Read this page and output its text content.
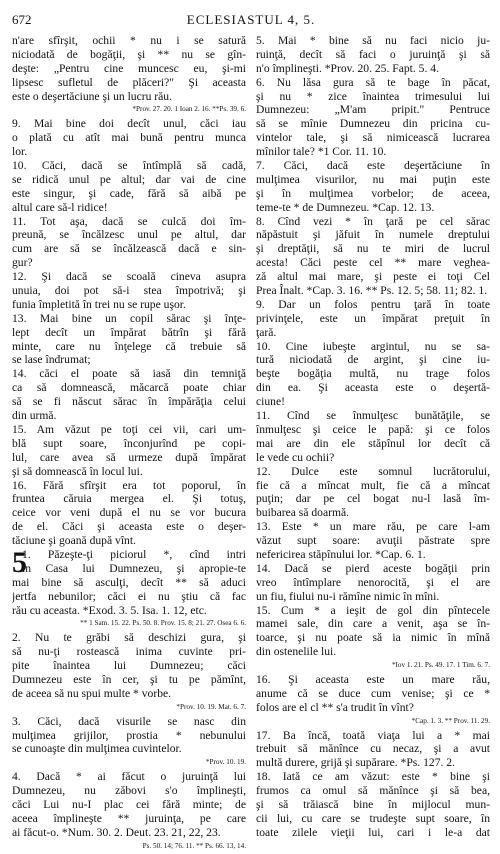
672	ECLESIASTUL 4, 5.
n'are sfîrşit, ochii * nu i se satură
niciodată de bogăţii, şi ** nu se gîn-
deşte: „Pentru cine muncesc eu, şi-mi
lipsesc sufletul de plăceri?" Şi aceasta
este o deşertăciune şi un lucru rău.
*Prov. 27. 20. 1 Ioan 2. 16. **Ps. 39. 6.
9. Mai bine doi decît unul, căci iau
o plată cu atît mai bună pentru munca
lor.
10. Căci, dacă se întîmplă să cadă,
se ridică unul pe altul; dar vai de cine
este singur, şi cade, fără să aibă pe
altul care să-l ridice!
11. Tot aşa, dacă se culcă doi îm-
preună, se încălzesc unul pe altul, dar
cum are să se încălzească dacă e sin-
gur?
12. Şi dacă se scoală cineva asupra
unuia, doi pot să-i stea împotrivă; şi
funia împletită în trei nu se rupe uşor.
13. Mai bine un copil sărac şi înţe-
lept decît un împărat bătrîn şi fără
minte, care nu înţelege că trebuie să
se lase îndrumat;
14. căci el poate să iasă din temniţă
ca să domnească, măcarcă poate chiar
să se fi născut sărac în împărăţia celui
din urmă.
15. Am văzut pe toţi cei vii, cari um-
blă supt soare, înconjurînd pe copi-
lul, care avea să urmeze după împărat
şi să domnească în locul lui.
16. Fără sfîrşit era tot poporul, în
fruntea căruia mergea el. Şi totuş,
ceice vor veni după el nu se vor bucura
de el. Căci şi aceasta este o deşer-
tăciune şi goană după vînt.
5
1. Păzeşte-ţi piciorul *, cînd intri
în Casa lui Dumnezeu, şi apropie-te
mai bine să asculţi, decît ** să aduci
jertfa nebunilor; căci ei nu ştiu că fac
rău cu aceasta. *Exod. 3. 5. Isa. 1. 12, etc.
** 1 Sam. 15. 22. Ps. 50. 8. Prov. 15. 8; 21. 27. Osea 6. 6.
2. Nu te grăbi să deschizi gura, şi
să nu-ţi rostească inima cuvinte pri-
pite înaintea lui Dumnezeu; căci
Dumnezeu este în cer, şi tu pe pămînt,
de aceea să nu spui multe * vorbe.
*Prov. 10. 19. Mat. 6. 7.
3. Căci, dacă visurile se nasc din
mulţimea grijilor, prostia * nebunului
se cunoaşte din mulţimea cuvintelor.
*Prov. 10. 19.
4. Dacă * ai făcut o juruinţă lui
Dumnezeu, nu zăbovi s'o împlineşti,
căci Lui nu-I plac cei fără minte; de
aceea împlineşte ** juruinţa, pe care
ai făcut-o. *Num. 30. 2. Deut. 23. 21, 22, 23.
Ps. 50. 14; 76. 11. ** Ps. 66. 13, 14.
5. Mai * bine să nu faci nicio ju-
ruinţă, decît să faci o juruinţă şi să
n'o împlineşti. *Prov. 20. 25. Fapt. 5. 4.
6. Nu lăsa gura să te bage în păcat,
şi nu * zice înaintea trimesului lui
Dumnezeu: „M'am pripit." Pentruce
să se mînie Dumnezeu din pricina cu-
vintelor tale, şi să nimicească lucrarea
mînilor tale? *1 Cor. 11. 10.
7. Căci, dacă este deşertăciune în
mulţimea visurilor, nu mai puţin este
şi în mulţimea vorbelor; de aceea,
teme-te * de Dumnezeu. *Cap. 12. 13.
8. Cînd vezi * în ţară pe cel sărac
năpăstuit şi jăfuit în numele dreptului
şi dreptăţii, să nu te miri de lucrul
acesta! Căci peste cel ** mare veghea-
ză altul mai mare, şi peste ei toţi Cel
Prea Înalt. *Cap. 3. 16. ** Ps. 12. 5; 58. 11; 82. 1.
9. Dar un folos pentru ţară în toate
privinţele, este un împărat preţuit în
ţară.
10. Cine iubeşte argintul, nu se sa-
tură niciodată de argint, şi cine iu-
beşte bogăţia multă, nu trage folos
din ea. Şi aceasta este o deşertă-
ciune!
11. Cînd se înmulţesc bunătăţile, se
înmulţesc şi ceice le papă: şi ce folos
mai are din ele stăpînul lor decît că
le vede cu ochii?
12. Dulce este somnul lucrătorului,
fie că a mîncat mult, fie că a mîncat
puţin; dar pe cel bogat nu-l lasă îm-
buibarea să doarmă.
13. Este * un mare rău, pe care l-am
văzut supt soare: avuţii păstrate spre
nefericirea stăpînului lor. *Cap. 6. 1.
14. Dacă se pierd aceste bogăţii prin
vreo întîmplare nenorocită, şi el are
un fiu, fiului nu-i rămîne nimic în mîni.
15. Cum * a ieşit de gol din pîntecele
mamei sale, din care a venit, aşa se în-
toarce, şi nu poate să ia nimic în mînă
din ostenelile lui.
*Iov 1. 21. Ps. 49. 17. 1 Tim. 6. 7.
16. Şi aceasta este un mare rău,
anume că se duce cum venise; şi ce *
folos are el cl ** s'a trudit în vînt?
*Cap. 1. 3. ** Prov. 11. 29.
17. Ba încă, toată viaţa lui a * mai
trebuit să mănînce cu necaz, şi a avut
multă durere, grijă şi supărare. *Ps. 127. 2.
18. Iată ce am văzut: este * bine şi
frumos ca omul să mănînce şi să bea,
şi să trăiască bine în mijlocul mun-
cii lui, cu care se trudeşte supt soare, în
toate zilele vieţii lui, cari i le-a dat
